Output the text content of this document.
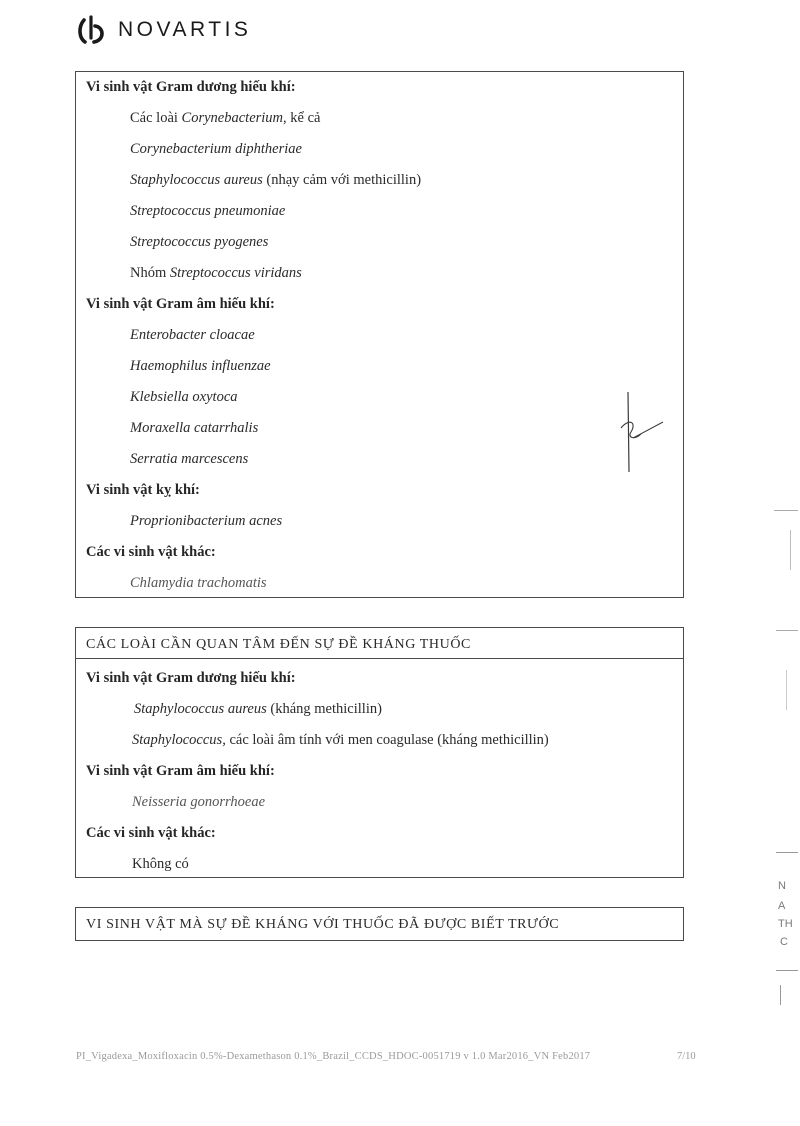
NOVARTIS
Vi sinh vật Gram dương hiếu khí:
Các loài Corynebacterium, kể cả
Corynebacterium diphtheriae
Staphylococcus aureus (nhạy cảm với methicillin)
Streptococcus pneumoniae
Streptococcus pyogenes
Nhóm Streptococcus viridans
Vi sinh vật Gram âm hiếu khí:
Enterobacter cloacae
Haemophilus influenzae
Klebsiella oxytoca
Moraxella catarrhalis
Serratia marcescens
Vi sinh vật kỵ khí:
Proprionibacterium acnes
Các vi sinh vật khác:
Chlamydia trachomatis
CÁC LOÀI CẦN QUAN TÂM ĐẾN SỰ ĐỀ KHÁNG THUỐC
Vi sinh vật Gram dương hiếu khí:
Staphylococcus aureus (kháng methicillin)
Staphylococcus, các loài âm tính với men coagulase (kháng methicillin)
Vi sinh vật Gram âm hiếu khí:
Neisseria gonorrhoeae
Các vi sinh vật khác:
Không có
VI SINH VẬT MÀ SỰ ĐỀ KHÁNG VỚI THUỐC ĐÃ ĐƯỢC BIẾT TRƯỚC
N
A
TH
C
PI_Vigadexa_Moxifloxacin 0.5%-Dexamethason 0.1%_Brazil_CCDS_HDOC-0051719 v 1.0 Mar2016_VN Feb2017	7/10
